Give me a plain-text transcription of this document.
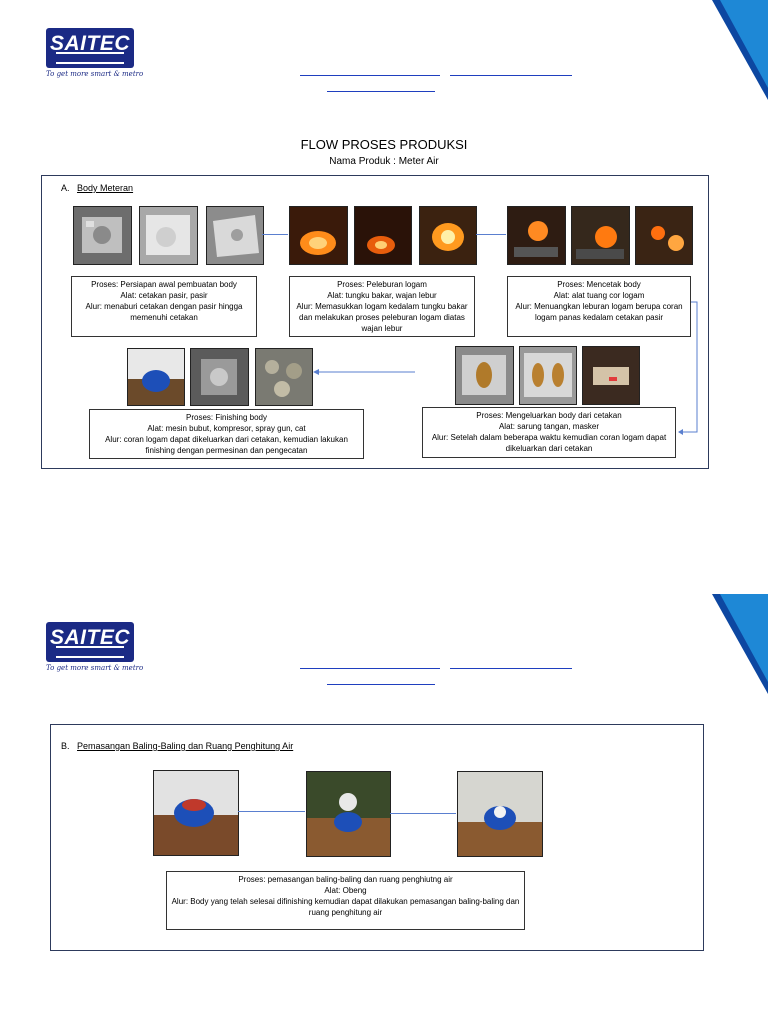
SAITEC
To get more smart & metro
FLOW PROSES PRODUKSI
Nama Produk : Meter Air
A. Body Meteran
Proses: Persiapan awal pembuatan body
Alat: cetakan pasir, pasir
Alur: menaburi cetakan dengan pasir hingga memenuhi cetakan
Proses: Peleburan logam
Alat: tungku bakar, wajan lebur
Alur: Memasukkan logam kedalam tungku bakar dan melakukan proses peleburan logam diatas wajan lebur
Proses: Mencetak body
Alat: alat tuang cor logam
Alur: Menuangkan leburan logam berupa coran logam panas kedalam cetakan pasir
Proses: Finishing body
Alat: mesin bubut, kompresor, spray gun, cat
Alur: coran logam dapat dikeluarkan dari cetakan, kemudian lakukan finishing dengan permesinan dan pengecatan
Proses: Mengeluarkan body dari cetakan
Alat: sarung tangan, masker
Alur: Setelah dalam beberapa waktu kemudian coran logam dapat dikeluarkan dari cetakan
SAITEC
To get more smart & metro
B. Pemasangan Baling-Baling dan Ruang Penghitung Air
Proses: pemasangan baling-baling dan ruang penghiutng air
Alat: Obeng
Alur: Body yang telah selesai difinishing kemudian dapat dilakukan pemasangan baling-baling dan ruang penghitung air
